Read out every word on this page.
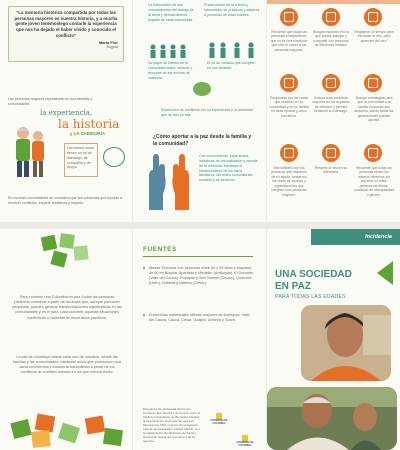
“La memoria histórica compartida por todas las personas mayores es nuestra historia, y a mucha gente joven tenemoslego contarle la experiencia que nos ha dejado el haber vivido y conocido el conflicto”
María Flor
Bogotá
Las personas mayores representan en sus familias y comunidades
la experiencia,
la historia
y LA SABIDURÍA
Del mismo modo tienen un rol de liderazgo, de compañía y de apoyo
En muchas comunidades se considera que son personas que ayudan a resolver conflictos, impartir confianza y respeto.
La transmisión de sus conocimientos del trabajo de la tierra y demás labores propias de cada comunidad.
Preservación de la cultura y transmisión de prácticas y saberes a personas de otras edades.
Su papel de líderes en la comunidad antes, durante y después de los hechos de violencia.
El rol de cuidado que cumplen en sus familias.
Resolución de conflictos por su experiencia y la autoridad que se dan en ella.
¿Cómo aportar a la paz desde la familia y la comunidad?
Con conocimiento, experiencia, iniciativas de reconciliación y rescate de la memoria. Mediante el fortalecimiento de los lazos familiares, las redes comunitarias, sociales y de servicios.
Recuerde que todas las personas envejecemos, que no es una condición que sólo le ocurre a las personas mayores.
Busque espacios en los que pueda dialogar y compartir con personas de diferentes edades.
Regalarse un tiempo para escuchar al otro, para aprender del otro.
Pregúntese por las cosas que suceden en su comunidad y en su familia en otras épocas y cómo son ahora.
Incluya a las personas mayores en los espacios de decisión y permita fortalecer su liderazgo.
Busque estrategias para que la comunidad y la familia conozcan sus acciones, donde todas las generaciones puedan aportar.
Sea solidario con las personas que requieren de su ayuda, fortalezca las redes de vecinos y organizaciones que integran a las personas mayores.
Respete al otro en su diferencia.
Recuerde que todas las personas tienen los mismos derechos sin importar su edad, pertenencia étnica, condición de discapacidad o género.
Para construir una Colombia en paz, todas las personas podemos contribuir a partir de acciones que, aunque parezcan pequeñas, pueden generar transformaciones significativas en las comunidades y en el país, para convertir aquellas situaciones conflictivas o violentas en escenarios pacíficos.
La paz se construye desde cada uno de nosotros, desde las familias y las comunidades, mediante actos que promueven una sana convivencia y buscan la tranquilidad a pesar de los conflictos de conflicto armado en los que hemos vivido.
FUENTES
Mesas Técnicas con personas entre 40 y 59 años y mayores de 60 en Bogotá, Apartadó y Medellín (Antioquia), El Doncello (Valle del Cauca), Popayán y San Vicente (Cauca), Quinchía (Urén), Uribeira y Uberluc (Cesar).
Entrevistas individuales últimas mayores de Antioquia, Valle del Cauca, Cauca, Cesar, Guajira, Uribeira y Sucre.
Esta pieza fue elaborada dentro del Convenio 101 del 2017 (s) suscrito entre el Instituto Colombiano de Bienestar Familiar, la Organización Internacional para las Migraciones OIM, el apoyo de la Agencia Interna de los Estados Unidos USAID, con la participación del Ministerio de Salud y Protección Social del Convenio 1 de la agencia.
GOBIERNO DE COLOMBIA
GOBIERNO DE COLOMBIA
Incidencia
UNA SOCIEDAD
EN PAZ
PARA TODAS LAS EDADES
